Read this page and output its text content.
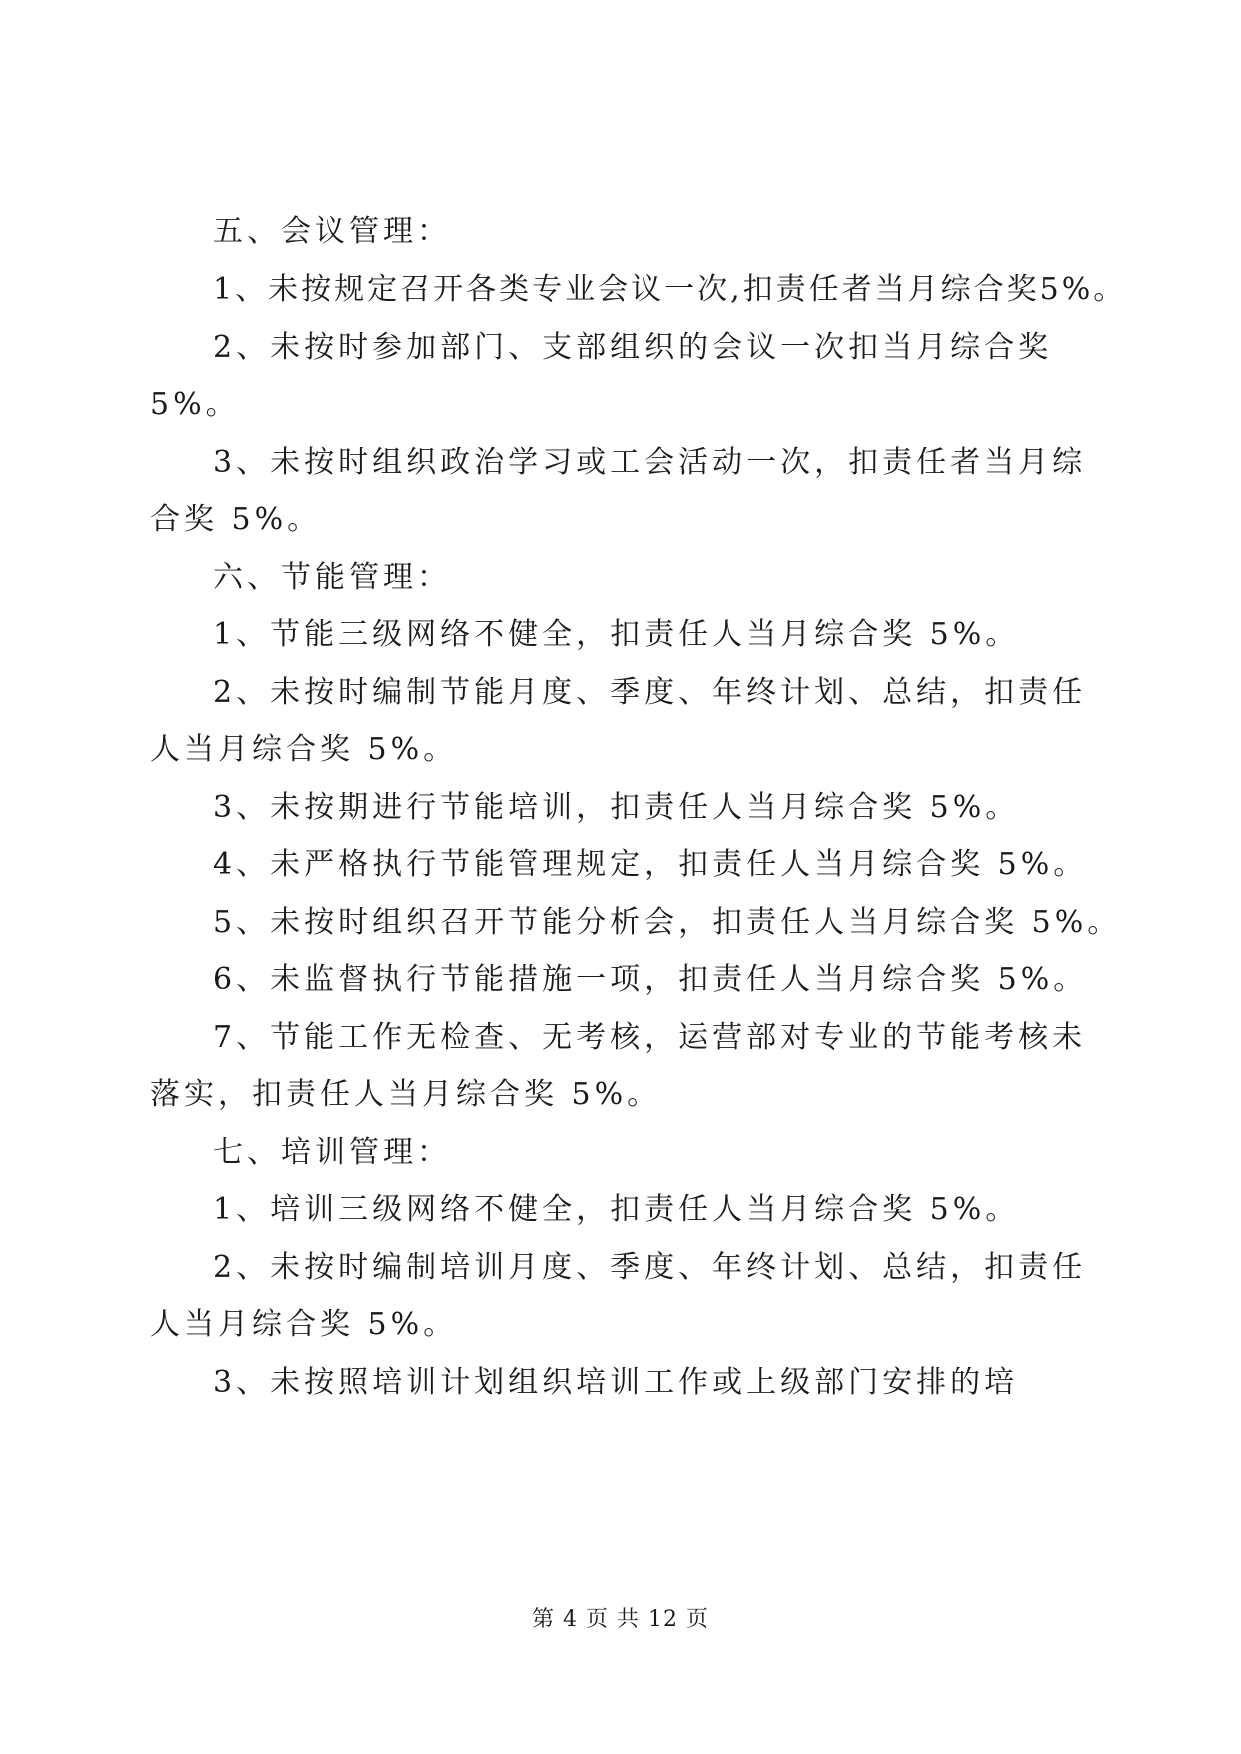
五、会议管理：
1、未按规定召开各类专业会议一次,扣责任者当月综合奖5%。
2、未按时参加部门、支部组织的会议一次扣当月综合奖
5%。
3、未按时组织政治学习或工会活动一次，扣责任者当月综
合奖 5%。
六、节能管理：
1、节能三级网络不健全，扣责任人当月综合奖 5%。
2、未按时编制节能月度、季度、年终计划、总结，扣责任
人当月综合奖 5%。
3、未按期进行节能培训，扣责任人当月综合奖 5%。
4、未严格执行节能管理规定，扣责任人当月综合奖 5%。
5、未按时组织召开节能分析会，扣责任人当月综合奖 5%。
6、未监督执行节能措施一项，扣责任人当月综合奖 5%。
7、节能工作无检查、无考核，运营部对专业的节能考核未
落实，扣责任人当月综合奖 5%。
七、培训管理：
1、培训三级网络不健全，扣责任人当月综合奖 5%。
2、未按时编制培训月度、季度、年终计划、总结，扣责任
人当月综合奖 5%。
3、未按照培训计划组织培训工作或上级部门安排的培
第 4 页 共 12 页
